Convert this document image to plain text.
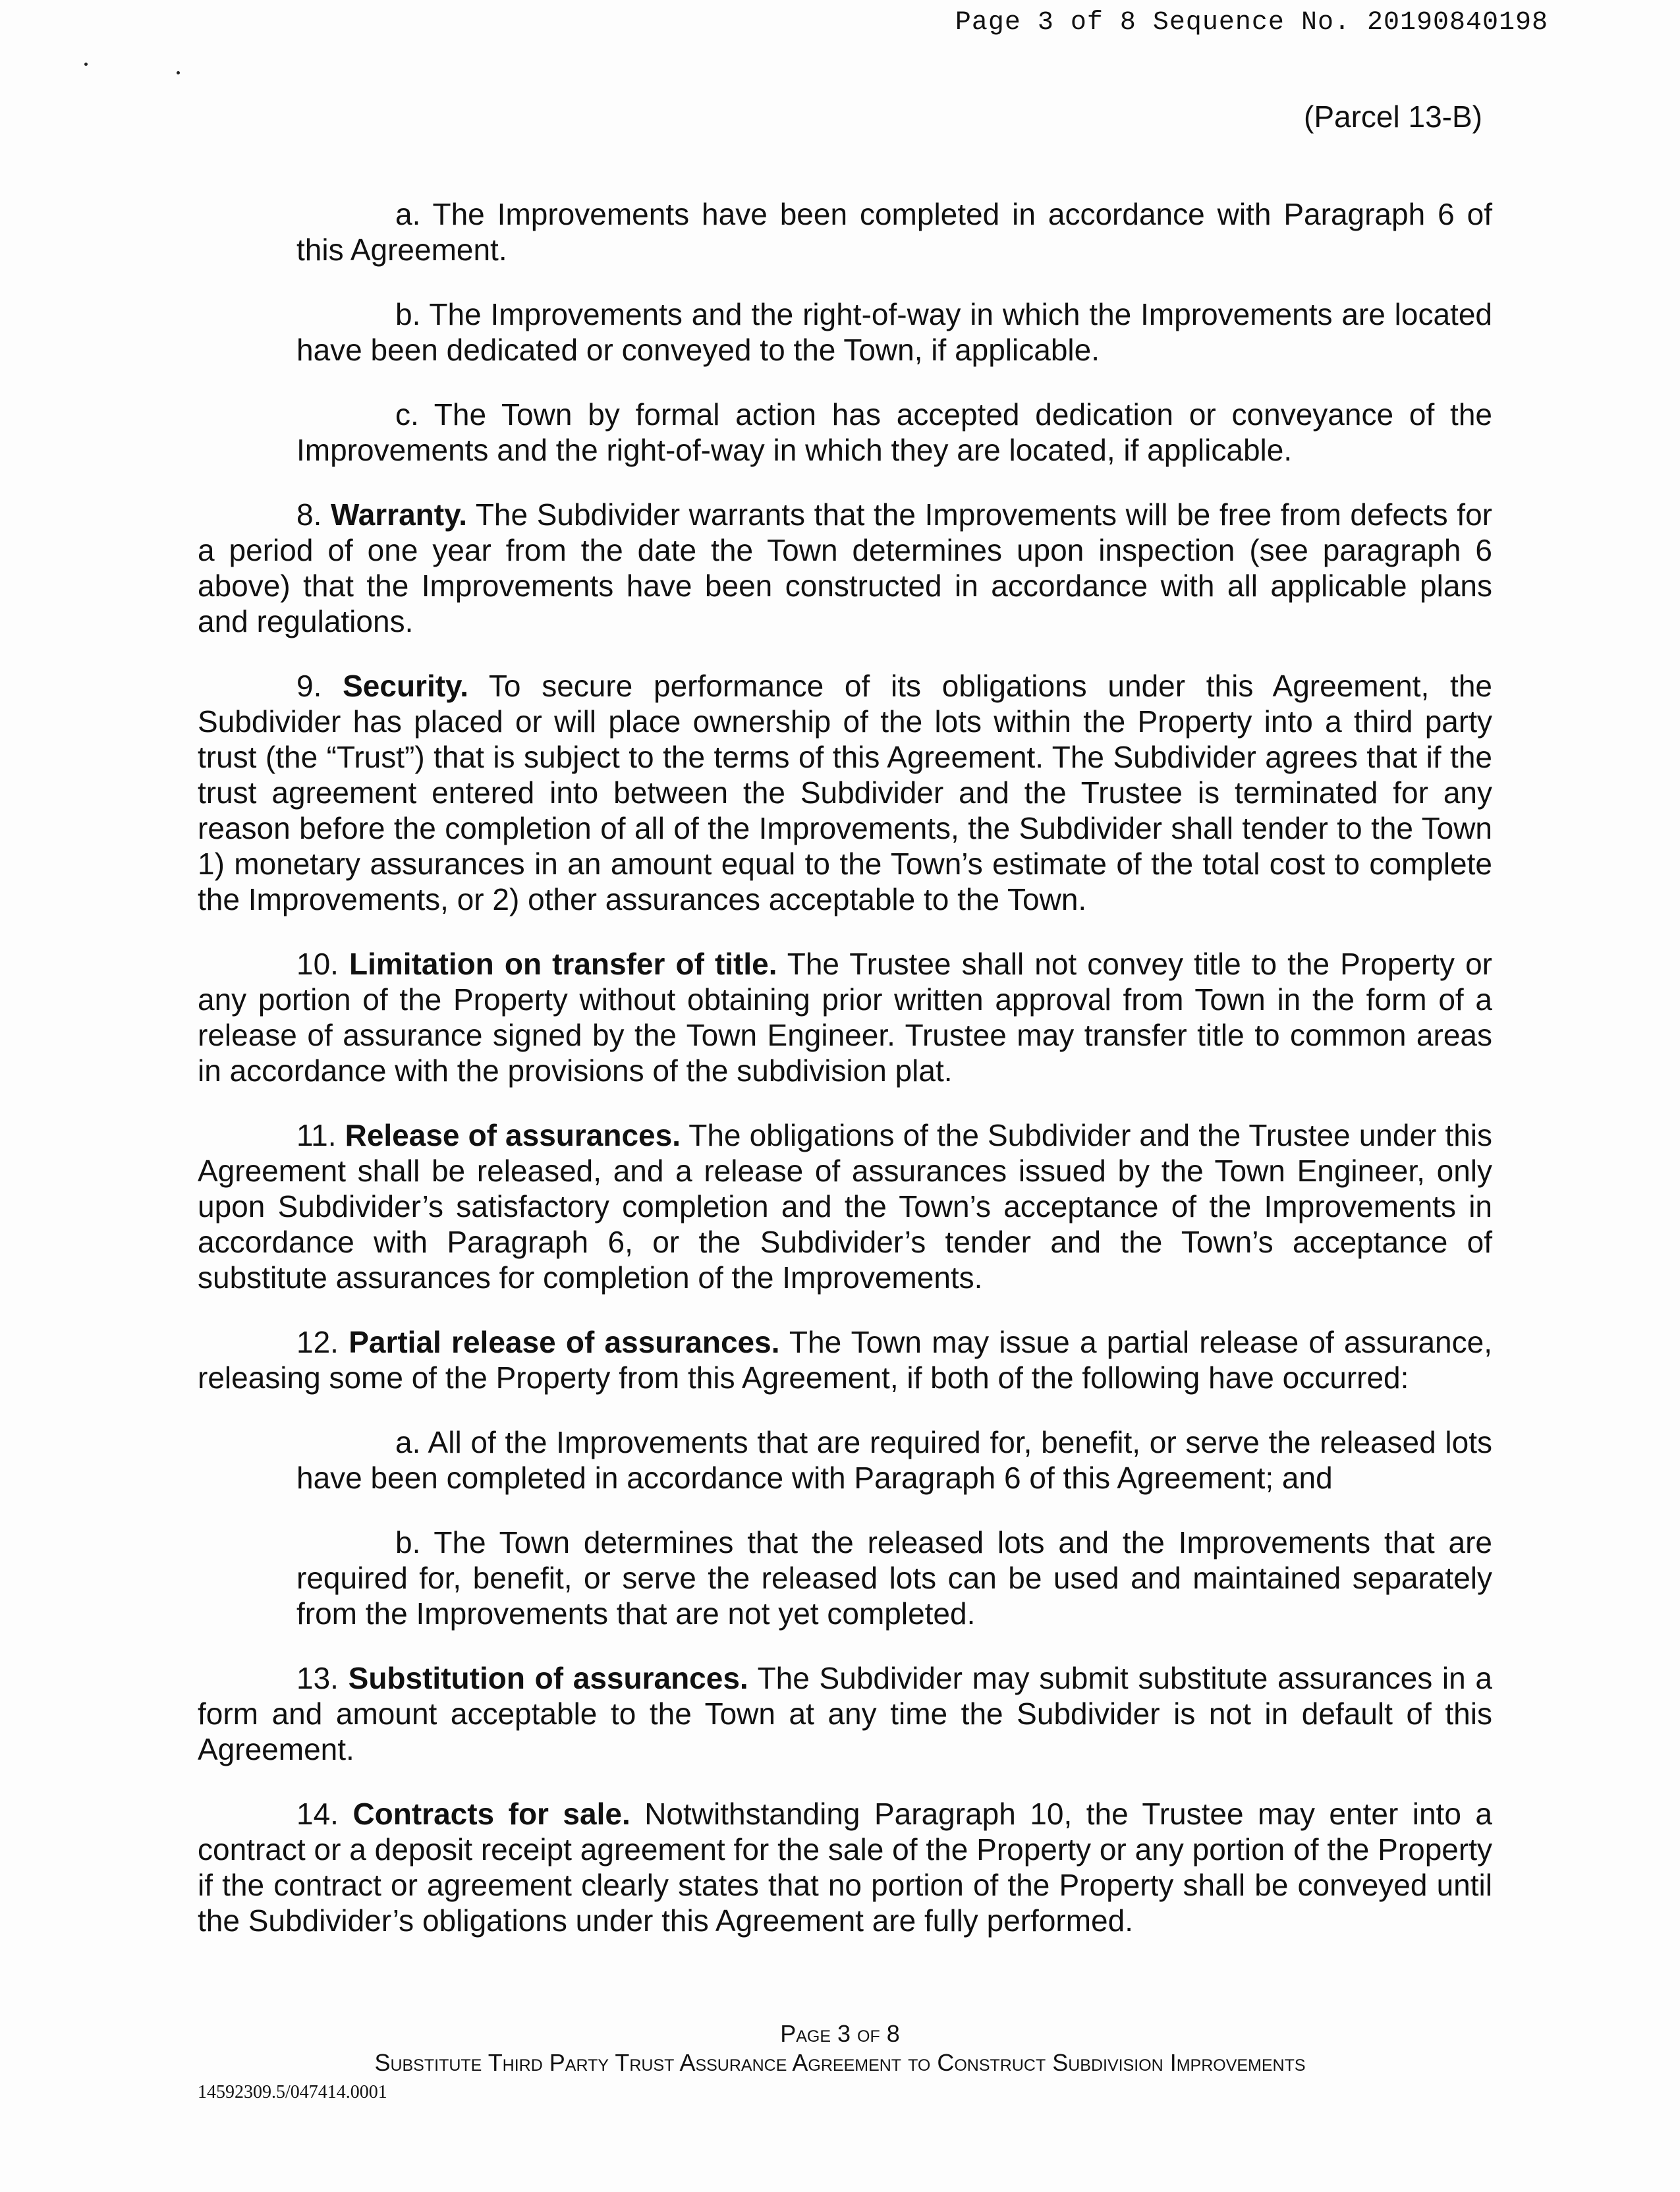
Page 3 of 8 Sequence No. 20190840198
(Parcel 13-B)

a. The Improvements have been completed in accordance with Paragraph 6 of this Agreement.

b. The Improvements and the right-of-way in which the Improvements are located have been dedicated or conveyed to the Town, if applicable.

c. The Town by formal action has accepted dedication or conveyance of the Improvements and the right-of-way in which they are located, if applicable.

8. Warranty. The Subdivider warrants that the Improvements will be free from defects for a period of one year from the date the Town determines upon inspection (see paragraph 6 above) that the Improvements have been constructed in accordance with all applicable plans and regulations.

9. Security. To secure performance of its obligations under this Agreement, the Subdivider has placed or will place ownership of the lots within the Property into a third party trust (the “Trust”) that is subject to the terms of this Agreement. The Subdivider agrees that if the trust agreement entered into between the Subdivider and the Trustee is terminated for any reason before the completion of all of the Improvements, the Subdivider shall tender to the Town 1) monetary assurances in an amount equal to the Town’s estimate of the total cost to complete the Improvements, or 2) other assurances acceptable to the Town.

10. Limitation on transfer of title. The Trustee shall not convey title to the Property or any portion of the Property without obtaining prior written approval from Town in the form of a release of assurance signed by the Town Engineer. Trustee may transfer title to common areas in accordance with the provisions of the subdivision plat.

11. Release of assurances. The obligations of the Subdivider and the Trustee under this Agreement shall be released, and a release of assurances issued by the Town Engineer, only upon Subdivider’s satisfactory completion and the Town’s acceptance of the Improvements in accordance with Paragraph 6, or the Subdivider’s tender and the Town’s acceptance of substitute assurances for completion of the Improvements.

12. Partial release of assurances. The Town may issue a partial release of assurance, releasing some of the Property from this Agreement, if both of the following have occurred:

a. All of the Improvements that are required for, benefit, or serve the released lots have been completed in accordance with Paragraph 6 of this Agreement; and

b. The Town determines that the released lots and the Improvements that are required for, benefit, or serve the released lots can be used and maintained separately from the Improvements that are not yet completed.

13. Substitution of assurances. The Subdivider may submit substitute assurances in a form and amount acceptable to the Town at any time the Subdivider is not in default of this Agreement.

14. Contracts for sale. Notwithstanding Paragraph 10, the Trustee may enter into a contract or a deposit receipt agreement for the sale of the Property or any portion of the Property if the contract or agreement clearly states that no portion of the Property shall be conveyed until the Subdivider’s obligations under this Agreement are fully performed.

Page 3 of 8
Substitute Third Party Trust Assurance Agreement to Construct Subdivision Improvements
14592309.5/047414.0001
